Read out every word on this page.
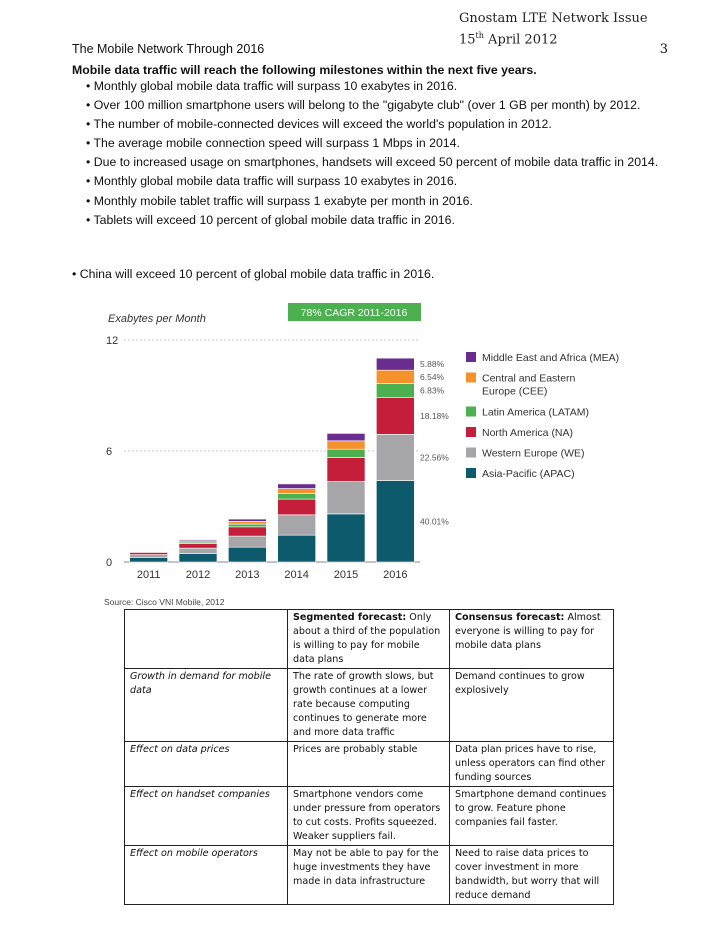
Gnostam LTE Network Issue
15th April 2012
The Mobile Network Through 2016	3
Mobile data traffic will reach the following milestones within the next five years.
• Monthly global mobile data traffic will surpass 10 exabytes in 2016.
• Over 100 million smartphone users will belong to the "gigabyte club" (over 1 GB per month) by 2012.
• The number of mobile-connected devices will exceed the world's population in 2012.
• The average mobile connection speed will surpass 1 Mbps in 2014.
• Due to increased usage on smartphones, handsets will exceed 50 percent of mobile data traffic in 2014.
• Monthly global mobile data traffic will surpass 10 exabytes in 2016.
• Monthly mobile tablet traffic will surpass 1 exabyte per month in 2016.
• Tablets will exceed 10 percent of global mobile data traffic in 2016.
• China will exceed 10 percent of global mobile data traffic in 2016.
Exabytes per Month	78% CAGR 2011-2016
0
6
12
2011 2012 2013 2014 2015 2016
40.01%
22.56%
18.18%
6.83%
6.54%
5.88%
Middle East and Africa (MEA)
Central and Eastern
Europe (CEE)
Latin America (LATAM)
North America (NA)
Western Europe (WE)
Asia-Pacific (APAC)
Source: Cisco VNI Mobile, 2012
	Segmented forecast: Only about a third of the population is willing to pay for mobile data plans	Consensus forecast: Almost everyone is willing to pay for mobile data plans
Growth in demand for mobile data	The rate of growth slows, but growth continues at a lower rate because computing continues to generate more and more data traffic	Demand continues to grow explosively
Effect on data prices	Prices are probably stable	Data plan prices have to rise, unless operators can find other funding sources
Effect on handset companies	Smartphone vendors come under pressure from operators to cut costs. Profits squeezed. Weaker suppliers fail.	Smartphone demand continues to grow. Feature phone companies fail faster.
Effect on mobile operators	May not be able to pay for the huge investments they have made in data infrastructure	Need to raise data prices to cover investment in more bandwidth, but worry that will reduce demand
